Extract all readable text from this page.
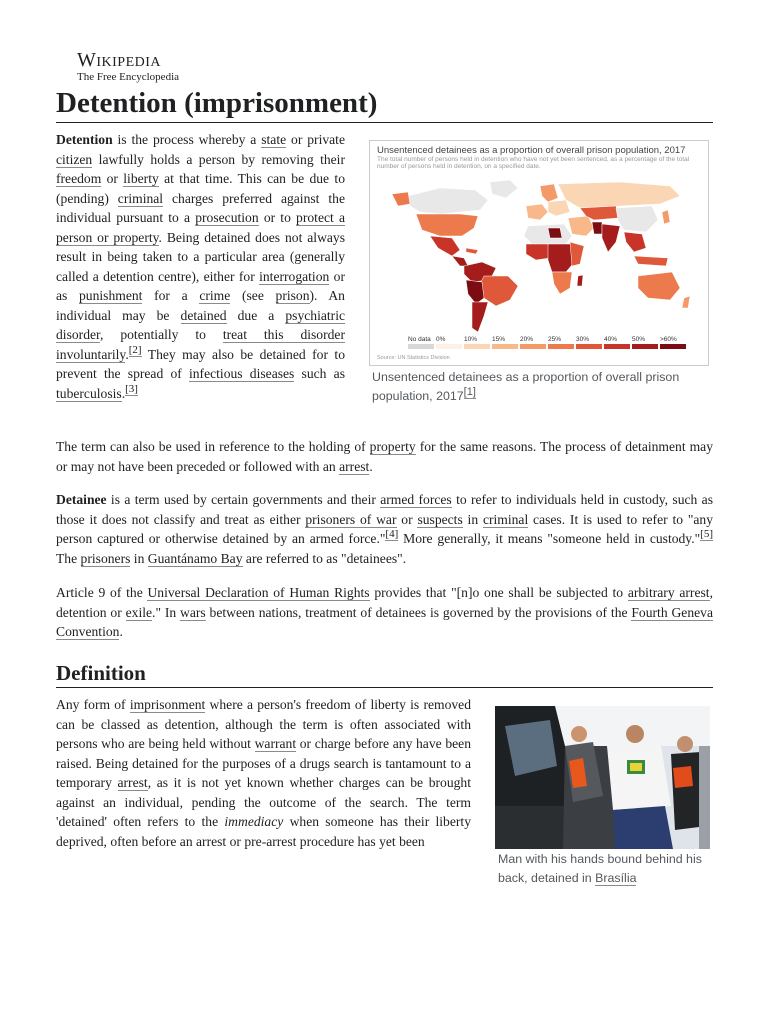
Wikipedia
The Free Encyclopedia
Detention (imprisonment)

Detention is the process whereby a state or private citizen lawfully holds a person by removing their freedom or liberty at that time. This can be due to (pending) criminal charges preferred against the individual pursuant to a prosecution or to protect a person or property. Being detained does not always result in being taken to a particular area (generally called a detention centre), either for interrogation or as punishment for a crime (see prison). An individual may be detained due a psychiatric disorder, potentially to treat this disorder involuntarily.[2] They may also be detained for to prevent the spread of infectious diseases such as tuberculosis.[3]

Unsentenced detainees as a proportion of overall prison population, 2017
The total number of persons held in detention who have not yet been sentenced, as a percentage of the total number of persons held in detention, on a specified date.
No data 0%	10% 15% 20% 25% 30% 40% 50% >60%
Source: UN Statistics Division

Unsentenced detainees as a proportion of overall prison population, 2017[1]

The term can also be used in reference to the holding of property for the same reasons. The process of detainment may or may not have been preceded or followed with an arrest.

Detainee is a term used by certain governments and their armed forces to refer to individuals held in custody, such as those it does not classify and treat as either prisoners of war or suspects in criminal cases. It is used to refer to "any person captured or otherwise detained by an armed force."[4] More generally, it means "someone held in custody."[5] The prisoners in Guantánamo Bay are referred to as "detainees".

Article 9 of the Universal Declaration of Human Rights provides that "[n]o one shall be subjected to arbitrary arrest, detention or exile." In wars between nations, treatment of detainees is governed by the provisions of the Fourth Geneva Convention.

Definition

Any form of imprisonment where a person's freedom of liberty is removed can be classed as detention, although the term is often associated with persons who are being held without warrant or charge before any have been raised. Being detained for the purposes of a drugs search is tantamount to a temporary arrest, as it is not yet known whether charges can be brought against an individual, pending the outcome of the search. The term 'detained' often refers to the immediacy when someone has their liberty deprived, often before an arrest or pre-arrest procedure has yet been

Man with his hands bound behind his back, detained in Brasília
